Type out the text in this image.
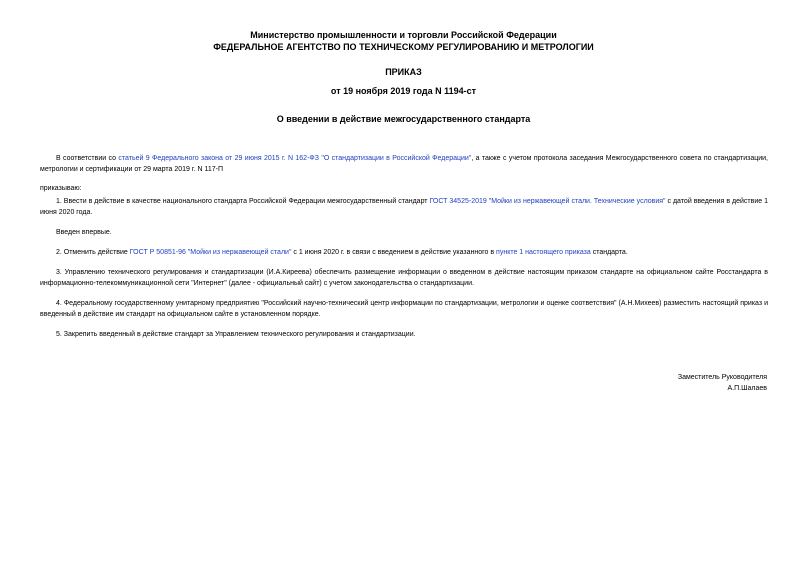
Министерство промышленности и торговли Российской Федерации
ФЕДЕРАЛЬНОЕ АГЕНТСТВО ПО ТЕХНИЧЕСКОМУ РЕГУЛИРОВАНИЮ И МЕТРОЛОГИИ
ПРИКАЗ
от 19 ноября 2019 года N 1194-ст
О введении в действие межгосударственного стандарта
В соответствии со статьей 9 Федерального закона от 29 июня 2015 г. N 162-ФЗ "О стандартизации в Российской Федерации", а также с учетом протокола заседания Межгосударственного совета по стандартизации, метрологии и сертификации от 29 марта 2019 г. N 117-П
приказываю:
1. Ввести в действие в качестве национального стандарта Российской Федерации межгосударственный стандарт ГОСТ 34525-2019 "Мойки из нержавеющей стали. Технические условия" с датой введения в действие 1 июня 2020 года.
Введен впервые.
2. Отменить действие ГОСТ Р 50851-96 "Мойки из нержавеющей стали" с 1 июня 2020 г. в связи с введением в действие указанного в пункте 1 настоящего приказа стандарта.
3. Управлению технического регулирования и стандартизации (И.А.Киреева) обеспечить размещение информации о введенном в действие настоящим приказом стандарте на официальном сайте Росстандарта в информационно-телекоммуникационной сети "Интернет" (далее - официальный сайт) с учетом законодательства о стандартизации.
4. Федеральному государственному унитарному предприятию "Российский научно-технический центр информации по стандартизации, метрологии и оценке соответствия" (А.Н.Михеев) разместить настоящий приказ и введенный в действие им стандарт на официальном сайте в установленном порядке.
5. Закрепить введенный в действие стандарт за Управлением технического регулирования и стандартизации.
Заместитель Руководителя
А.П.Шалаев
